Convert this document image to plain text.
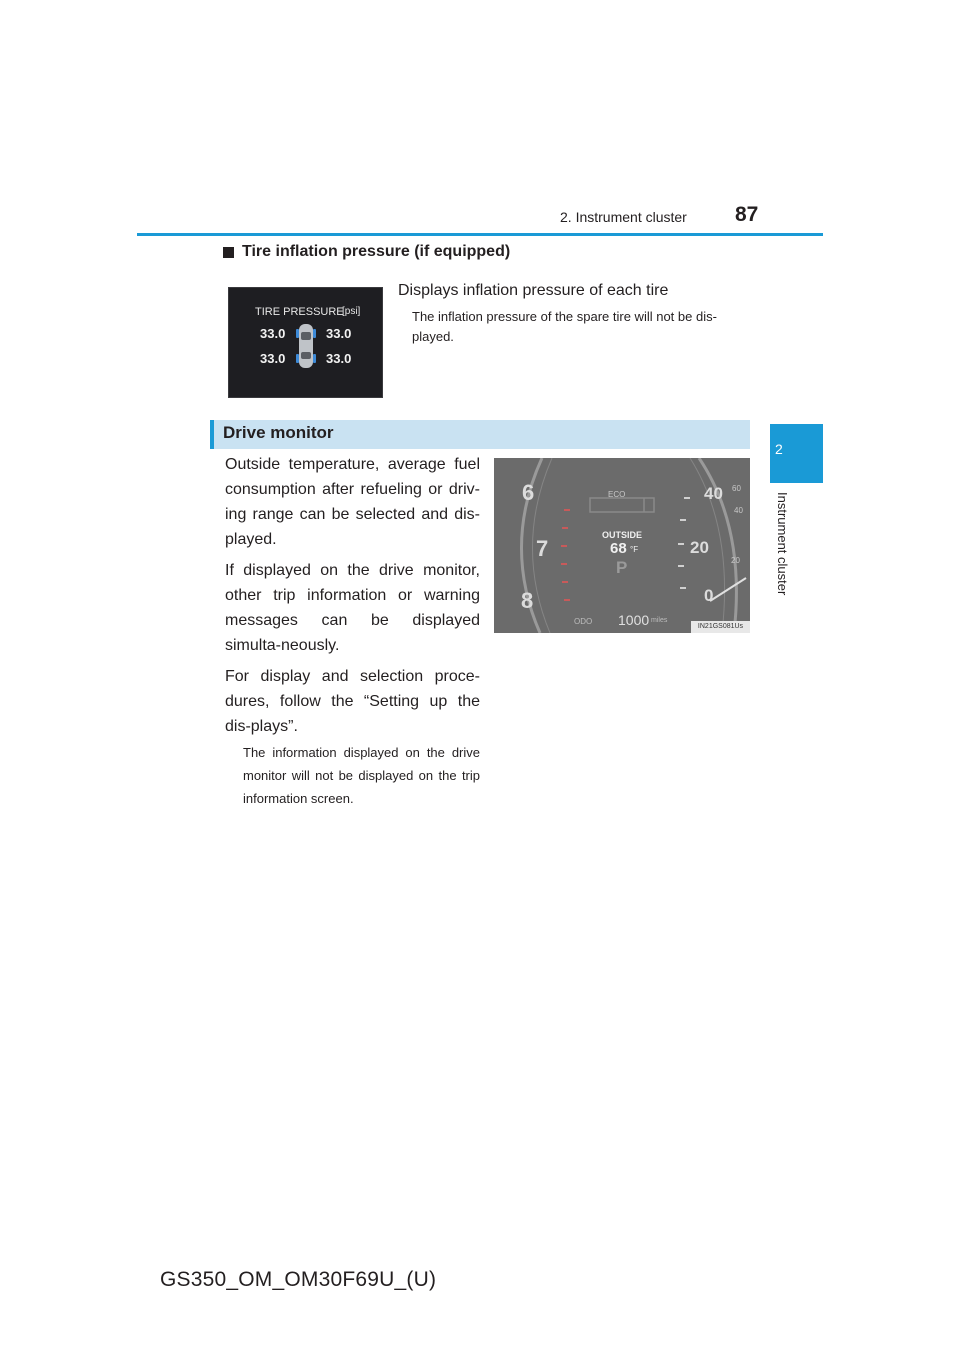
2. Instrument cluster 87
2
Instrument cluster
Tire inflation pressure (if equipped)
TIRE PRESSURE
[psi]
33.0	33.0
33.0	33.0
Displays inflation pressure of each tire
The inflation pressure of the spare tire will not be dis-played.
Drive monitor

Outside temperature, average fuel consumption after refueling or driv-ing range can be selected and dis-played.

If displayed on the drive monitor, other trip information or warning messages can be displayed simulta-neously.

For display and selection proce-dures, follow the “Setting up the dis-plays”.

The information displayed on the drive monitor will not be displayed on the trip information screen.
6
7
8
40
20
0
60
40
20
ECO
OUTSIDE
68 °F
P
ODO 1000 miles
IN21GS081Us
GS350_OM_OM30F69U_(U)
